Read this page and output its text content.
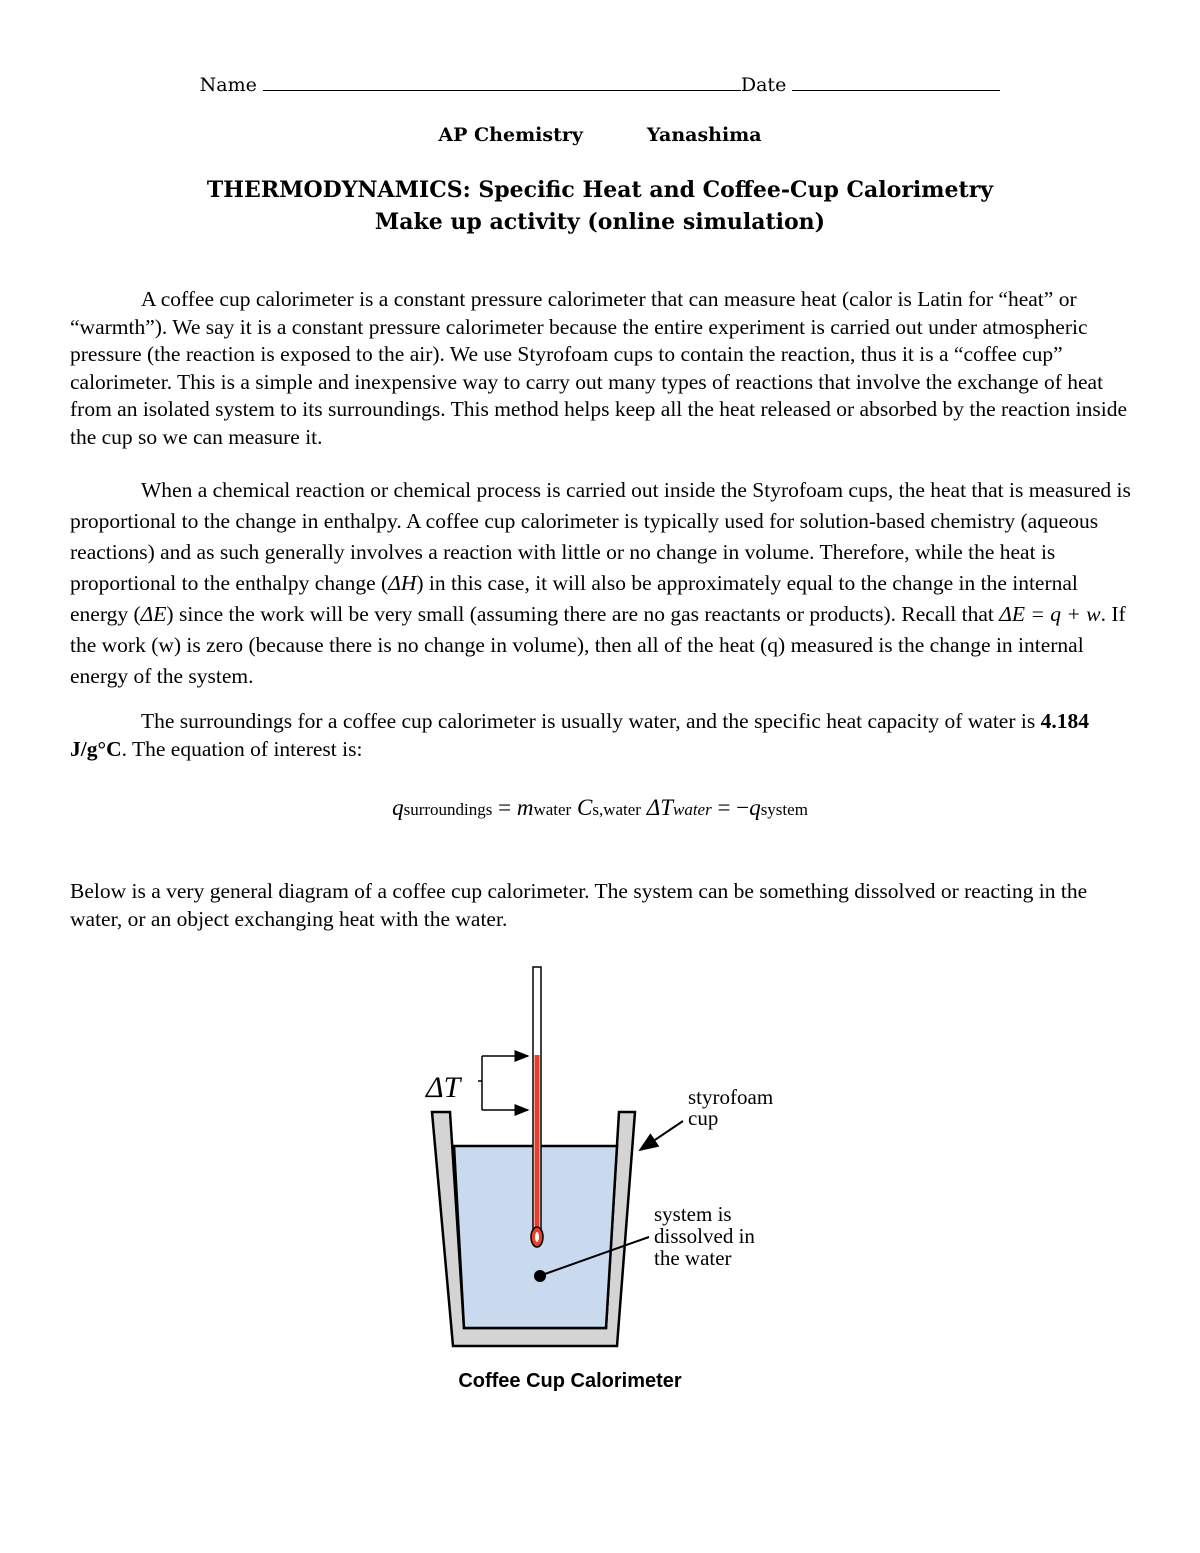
Name	Date
AP Chemistry	Yanashima
THERMODYNAMICS: Specific Heat and Coffee-Cup Calorimetry
Make up activity (online simulation)

A coffee cup calorimeter is a constant pressure calorimeter that can measure heat (calor is Latin for “heat” or “warmth”). We say it is a constant pressure calorimeter because the entire experiment is carried out under atmospheric pressure (the reaction is exposed to the air). We use Styrofoam cups to contain the reaction, thus it is a “coffee cup” calorimeter. This is a simple and inexpensive way to carry out many types of reactions that involve the exchange of heat from an isolated system to its surroundings. This method helps keep all the heat released or absorbed by the reaction inside the cup so we can measure it.

When a chemical reaction or chemical process is carried out inside the Styrofoam cups, the heat that is measured is proportional to the change in enthalpy. A coffee cup calorimeter is typically used for solution-based chemistry (aqueous reactions) and as such generally involves a reaction with little or no change in volume. Therefore, while the heat is proportional to the enthalpy change (ΔH) in this case, it will also be approximately equal to the change in the internal energy (ΔE) since the work will be very small (assuming there are no gas reactants or products). Recall that ΔE = q + w. If the work (w) is zero (because there is no change in volume), then all of the heat (q) measured is the change in internal energy of the system.

The surroundings for a coffee cup calorimeter is usually water, and the specific heat capacity of water is 4.184 J/g°C. The equation of interest is:

qsurroundings = mwater Cs,water ΔTwater = −qsystem

Below is a very general diagram of a coffee cup calorimeter. The system can be something dissolved or reacting in the water, or an object exchanging heat with the water.

ΔT	styrofoam
cup
system is
dissolved in
the water
Coffee Cup Calorimeter
